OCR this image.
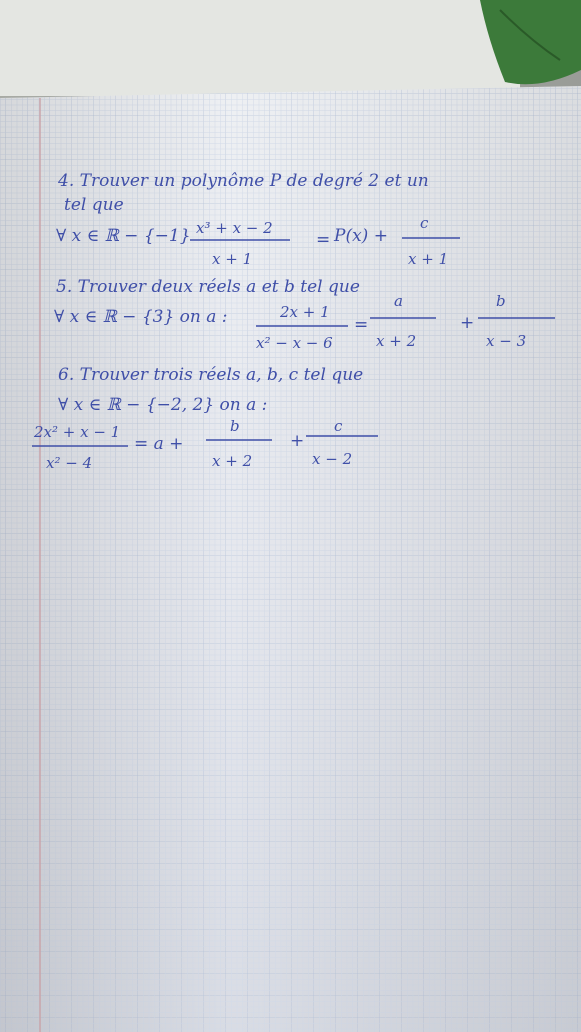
4. Trouver un polynôme P de degré 2 et un
tel que
∀ x ∈ ℝ − {−1} x³ + x − 2
x + 1
= P(x) +
c
x + 1
5. Trouver deux réels a et b tel que
∀ x ∈ ℝ − {3} on a :	2x + 1
x² − x − 6
=
a
x + 2
+
b
x − 3
6. Trouver trois réels a, b, c tel que
∀ x ∈ ℝ − {−2, 2} on a :
2x² + x − 1
x² − 4
= a +
b
x + 2
+
c
x − 2
